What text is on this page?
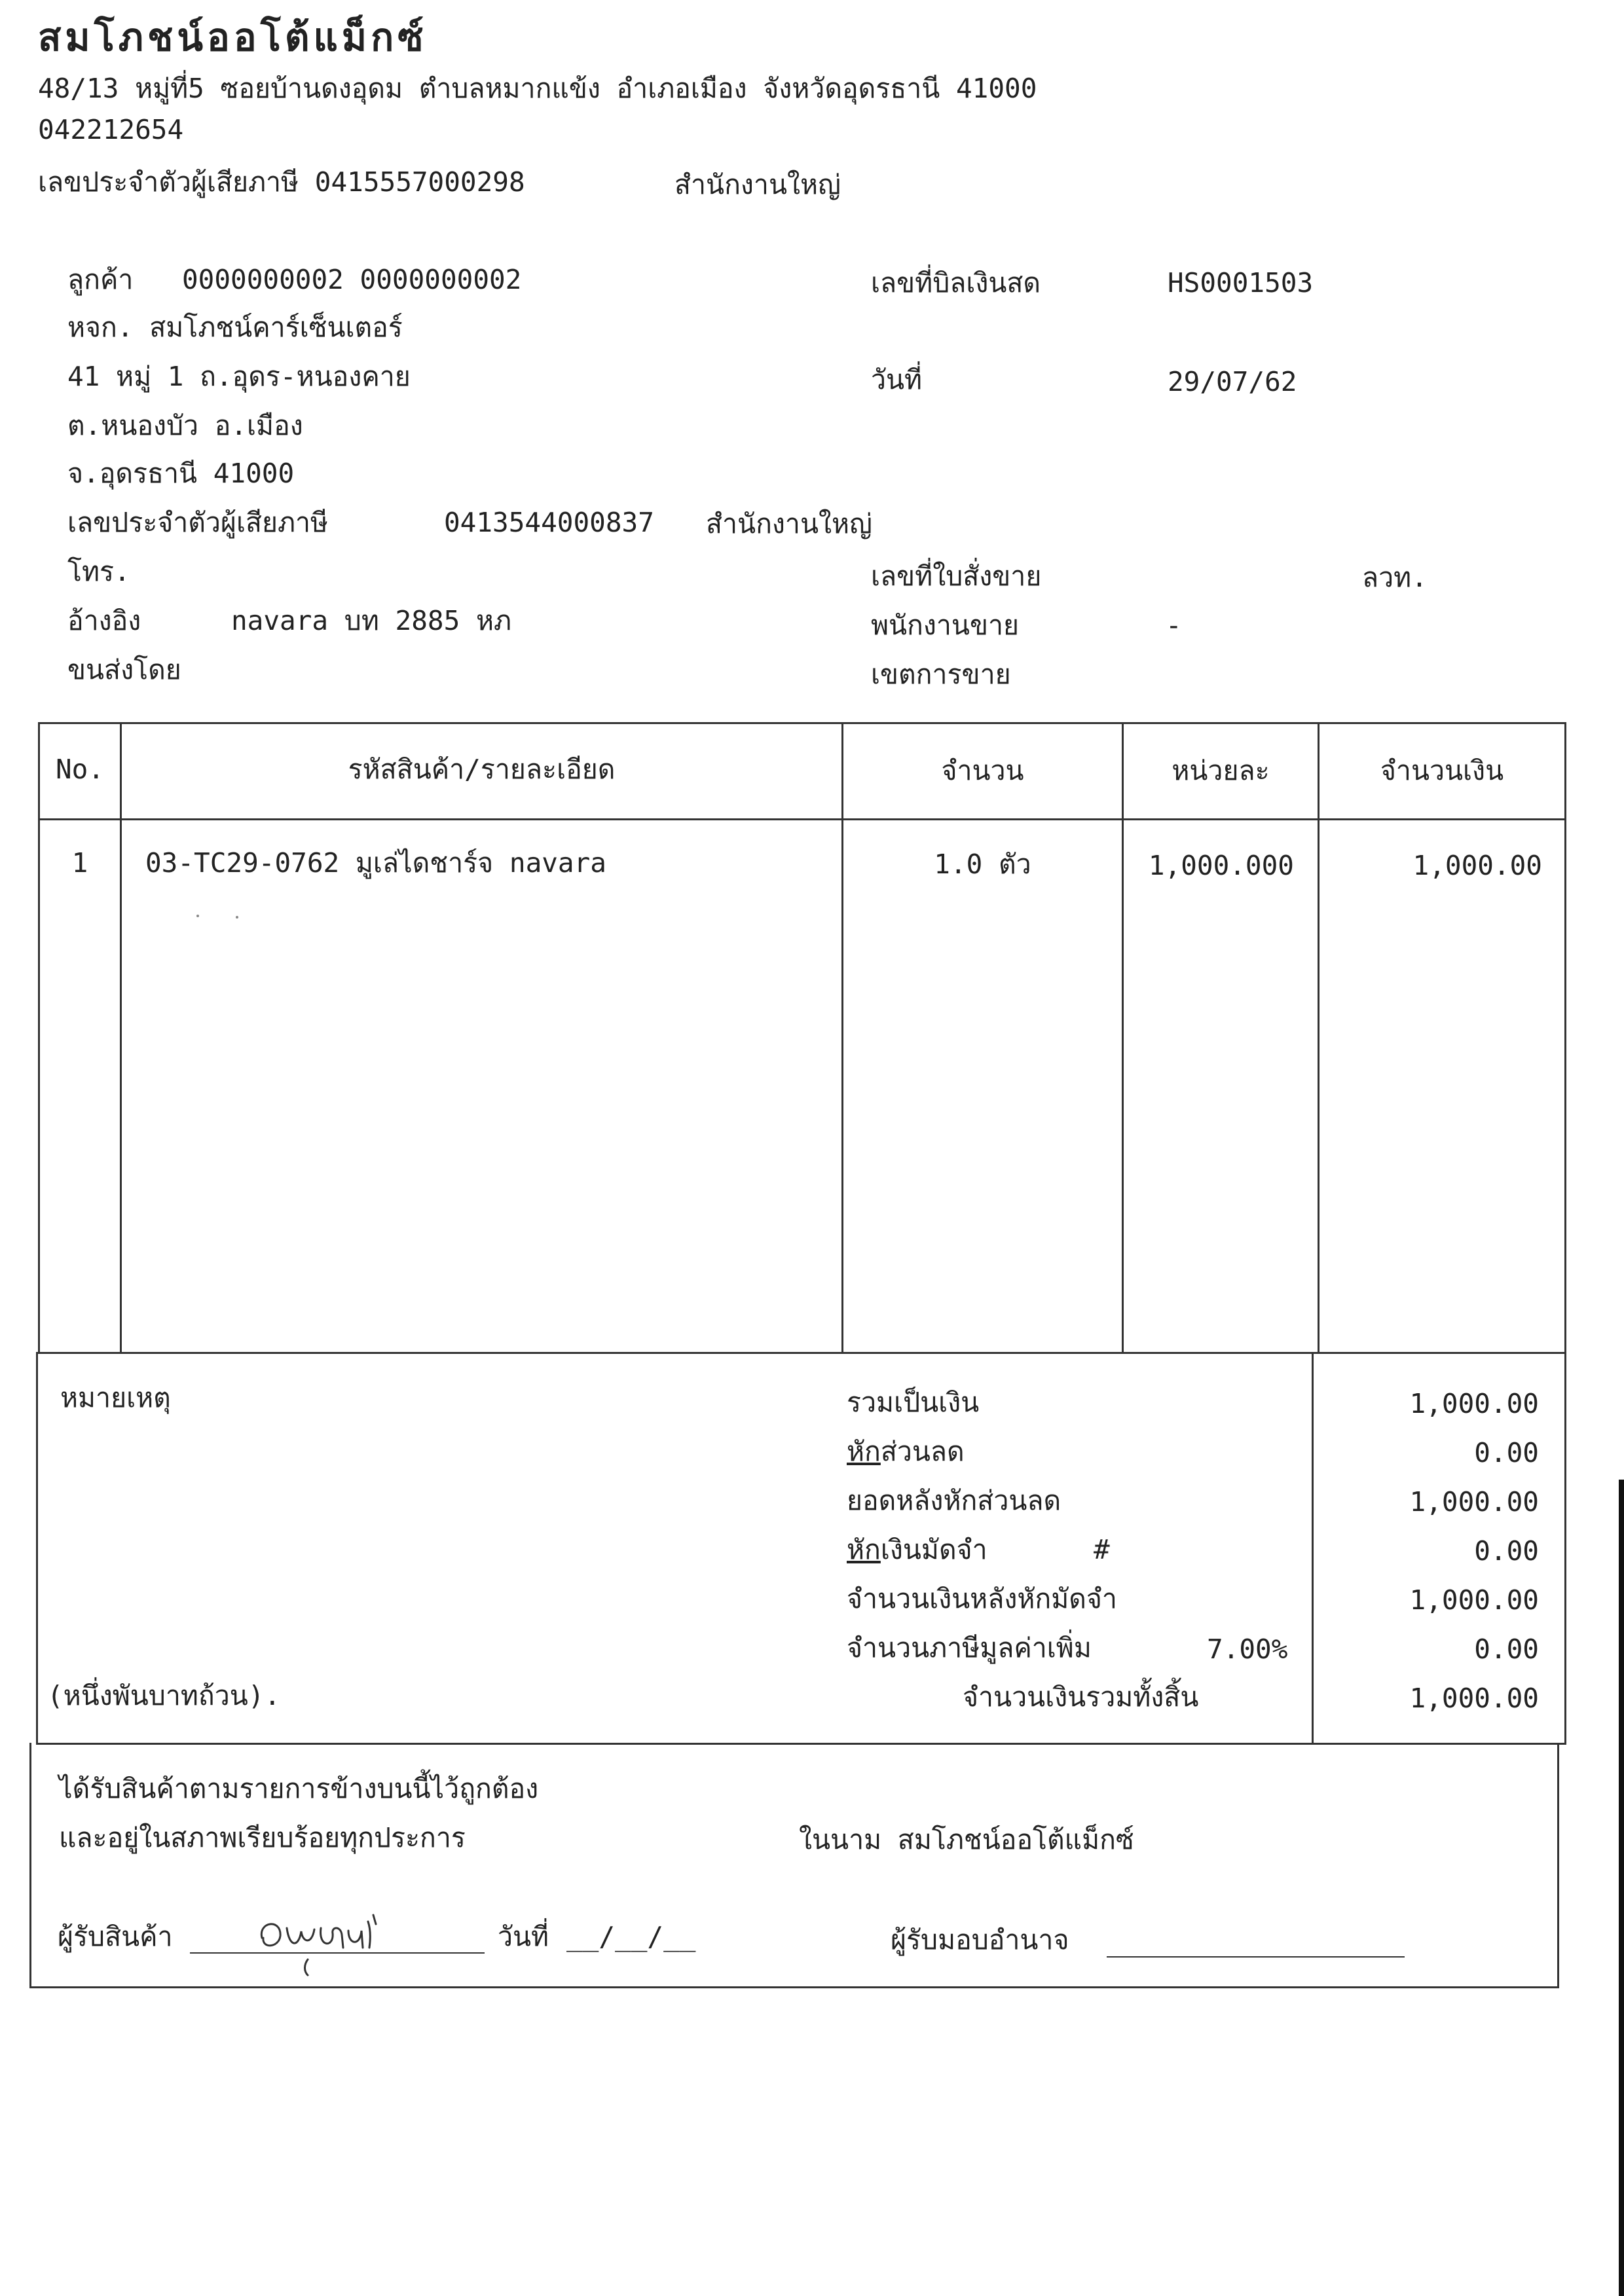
สมโภชน์ออโต้แม็กซ์
48/13 หมู่ที่5 ซอยบ้านดงอุดม ตำบลหมากแข้ง อำเภอเมือง จังหวัดอุดรธานี 41000
042212654
เลขประจำตัวผู้เสียภาษี 0415557000298	สำนักงานใหญ่
ลูกค้า 0000000002 0000000002
หจก. สมโภชน์คาร์เซ็นเตอร์
41 หมู่ 1 ถ.อุดร-หนองคาย
ต.หนองบัว อ.เมือง
จ.อุดรธานี 41000
เลขประจำตัวผู้เสียภาษี	0413544000837 สำนักงานใหญ่
โทร.
อ้างอิง	navara บท 2885 หภ
ขนส่งโดย
เลขที่บิลเงินสด	HS0001503
วันที่	29/07/62
เลขที่ใบสั่งขาย	ลวท.
พนักงานขาย	-
เขตการขาย
No.	รหัสสินค้า/รายละเอียด	จำนวน	หน่วยละ	จำนวนเงิน
1	03-TC29-0762 มูเล่ไดชาร์จ navara	1.0 ตัว	1,000.000	1,000.00
หมายเหตุ
(หนึ่งพันบาทถ้วน).
รวมเป็นเงิน	1,000.00
หักส่วนลด	0.00
ยอดหลังหักส่วนลด	1,000.00
หักเงินมัดจำ	#	0.00
จำนวนเงินหลังหักมัดจำ	1,000.00
จำนวนภาษีมูลค่าเพิ่ม	7.00%	0.00
จำนวนเงินรวมทั้งสิ้น	1,000.00
ได้รับสินค้าตามรายการข้างบนนี้ไว้ถูกต้อง
และอยู่ในสภาพเรียบร้อยทุกประการ	ในนาม สมโภชน์ออโต้แม็กซ์
ผู้รับสินค้า	วันที่ __/__/__	ผู้รับมอบอำนาจ
